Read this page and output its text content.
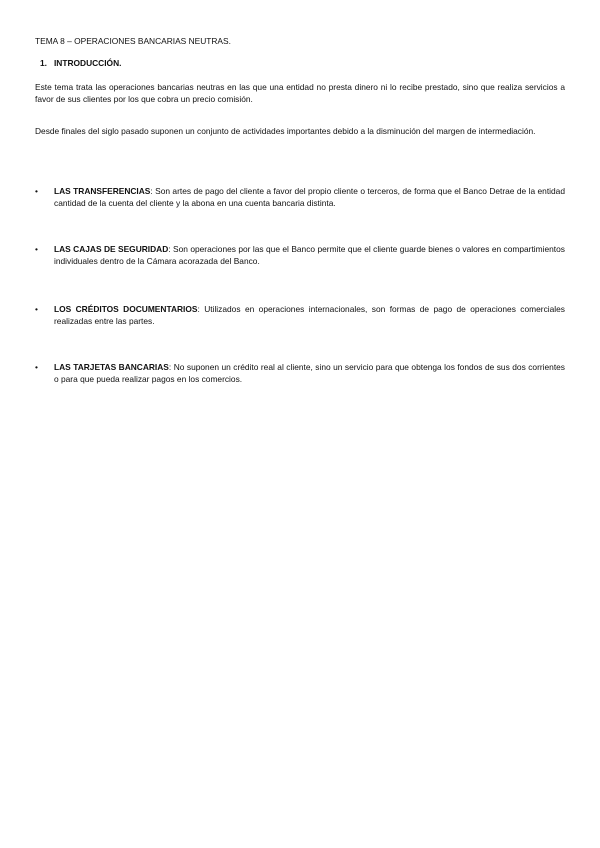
TEMA 8 – OPERACIONES BANCARIAS NEUTRAS.
1. INTRODUCCIÓN.
Este tema trata las operaciones bancarias neutras en las que una entidad no presta dinero ni lo recibe prestado, sino que realiza servicios a favor de sus clientes por los que cobra un precio comisión.
Desde finales del siglo pasado suponen un conjunto de actividades importantes debido a la disminución del margen de intermediación.
•	LAS TRANSFERENCIAS: Son artes de pago del cliente a favor del propio cliente o terceros, de forma que el Banco Detrae de la entidad cantidad de la cuenta del cliente y la abona en una cuenta bancaria distinta.
•	LAS CAJAS DE SEGURIDAD: Son operaciones por las que el Banco permite que el cliente guarde bienes o valores en compartimientos individuales dentro de la Cámara acorazada del Banco.
•	LOS CRÉDITOS DOCUMENTARIOS: Utilizados en operaciones internacionales, son formas de pago de operaciones comerciales realizadas entre las partes.
•	LAS TARJETAS BANCARIAS: No suponen un crédito real al cliente, sino un servicio para que obtenga los fondos de sus dos corrientes o para que pueda realizar pagos en los comercios.
